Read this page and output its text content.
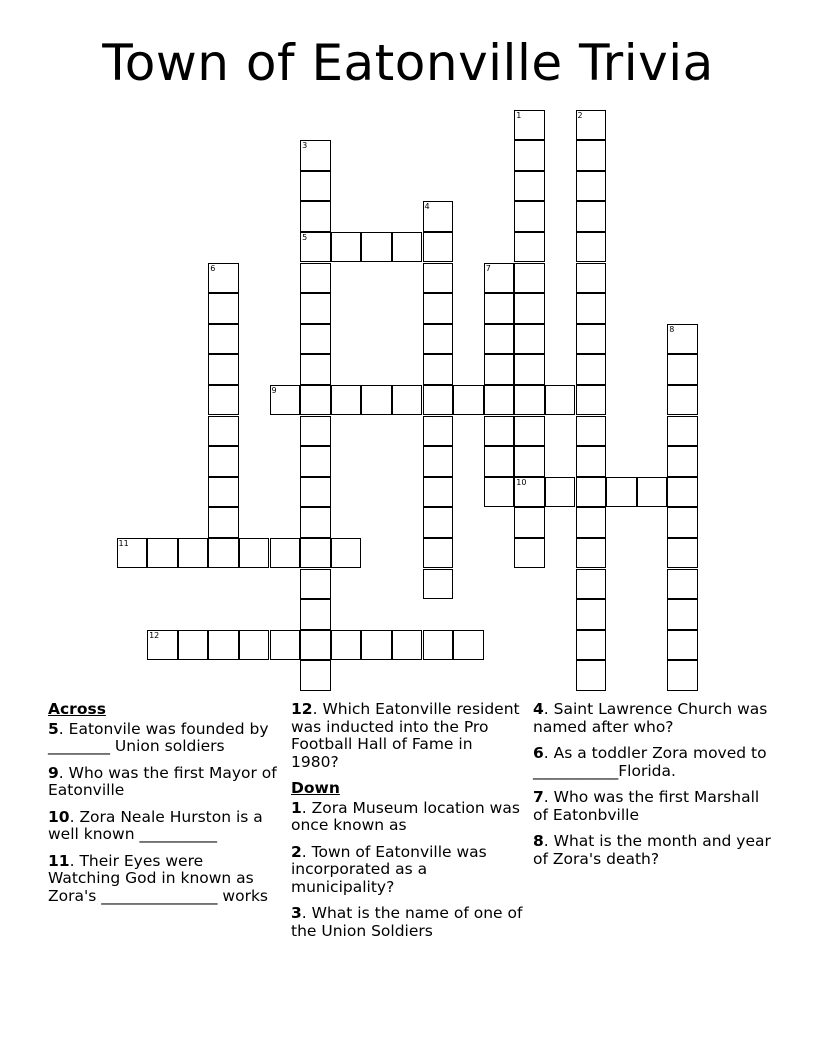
Town of Eatonville Trivia
1
10
2
3
5
4
6	7
8
9
11
12
Across
5. Eatonvile was founded by ________ Union soldiers
9. Who was the first Mayor of Eatonville
10. Zora Neale Hurston is a well known __________
11. Their Eyes were Watching God in known as Zora's _______________ works
12. Which Eatonville resident was inducted into the Pro Football Hall of Fame in 1980?
Down
1. Zora Museum location was once known as
2. Town of Eatonville was incorporated as a municipality?
3. What is the name of one of the Union Soldiers
4. Saint Lawrence Church was named after who?
6. As a toddler Zora moved to ___________Florida.
7. Who was the first Marshall of Eatonbville
8. What is the month and year of Zora's death?
